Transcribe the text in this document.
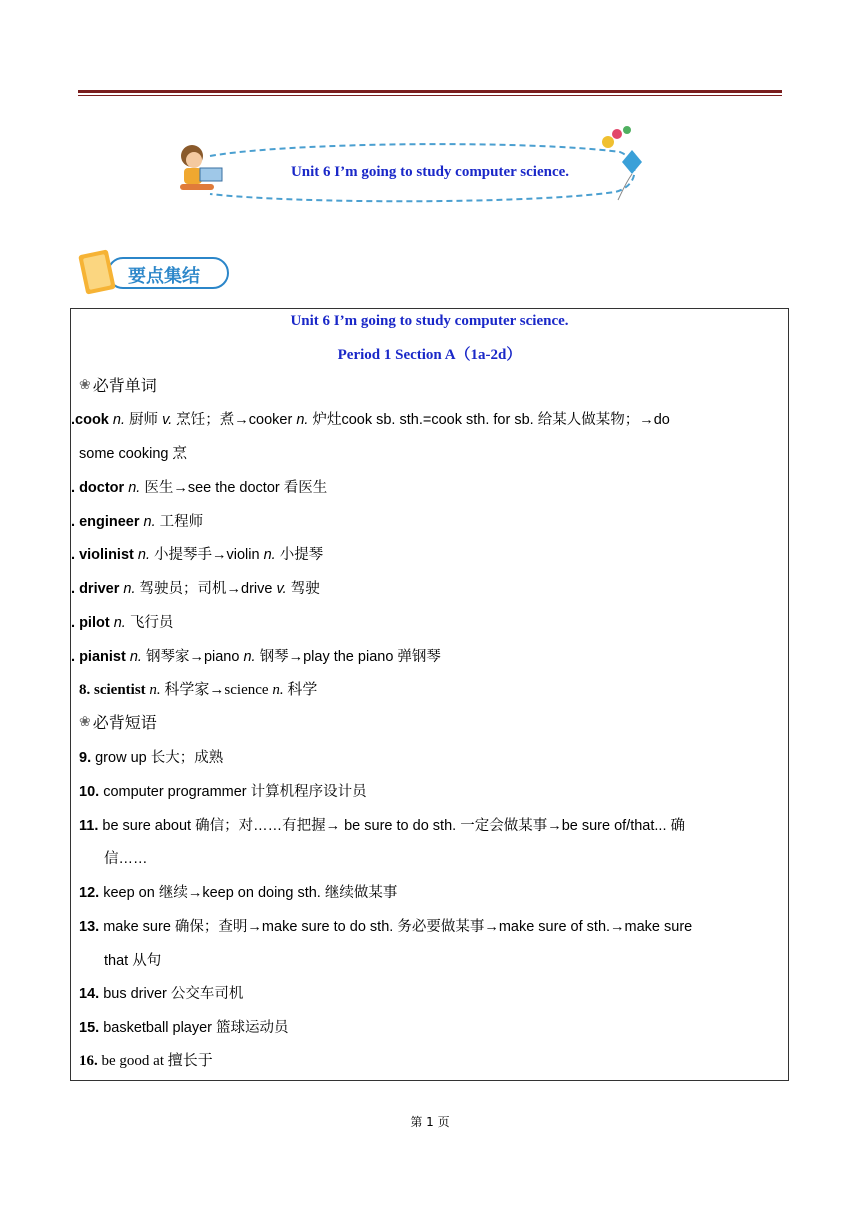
Unit 6 I’m going to study computer science.
要点集结
Unit 6 I’m going to study computer science.
Period 1 Section A（1a-2d）
❀ 必背单词
.cook n. 厨师 v. 烹饪；煮→cooker n. 炉灶cook sb. sth.=cook sth. for sb. 给某人做某物；→do
some cooking 烹
. doctor n. 医生→see the doctor 看医生
. engineer n. 工程师
. violinist n. 小提琴手→violin n. 小提琴
. driver n. 驾驶员；司机→drive v. 驾驶
. pilot n. 飞行员
. pianist n. 钢琴家→piano n. 钢琴→play the piano 弹钢琴
8. scientist n. 科学家→science n. 科学
❀ 必背短语
9. grow up 长大；成熟
10. computer programmer 计算机程序设计员
11. be sure about 确信；对……有把握→ be sure to do sth. 一定会做某事→be sure of/that... 确
信……
12. keep on 继续→keep on doing sth. 继续做某事
13. make sure 确保；查明→make sure to do sth. 务必要做某事→make sure of sth.→make sure
that 从句
14. bus driver 公交车司机
15. basketball player 篮球运动员
16. be good at 擅长于
第 1 页
